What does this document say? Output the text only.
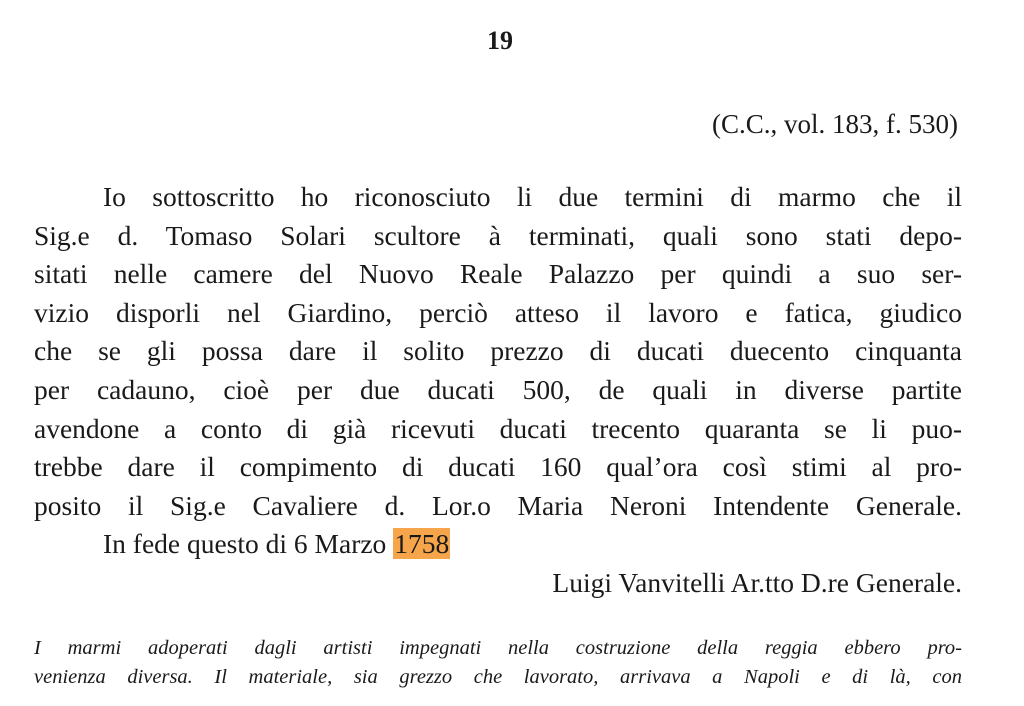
19
(C.C., vol. 183, f. 530)
Io sottoscritto ho riconosciuto li due termini di marmo che il
Sig.e d. Tomaso Solari scultore à terminati, quali sono stati depo-
sitati nelle camere del Nuovo Reale Palazzo per quindi a suo ser-
vizio disporli nel Giardino, perciò atteso il lavoro e fatica, giudico
che se gli possa dare il solito prezzo di ducati duecento cinquanta
per cadauno, cioè per due ducati 500, de quali in diverse partite
avendone a conto di già ricevuti ducati trecento quaranta se li puo-
trebbe dare il compimento di ducati 160 qual’ora così stimi al pro-
posito il Sig.e Cavaliere d. Lor.o Maria Neroni Intendente Generale.
In fede questo di 6 Marzo 1758
Luigi Vanvitelli Ar.tto D.re Generale.
I marmi adoperati dagli artisti impegnati nella costruzione della reggia ebbero pro-
venienza diversa. Il materiale, sia grezzo che lavorato, arrivava a Napoli e di là, con
